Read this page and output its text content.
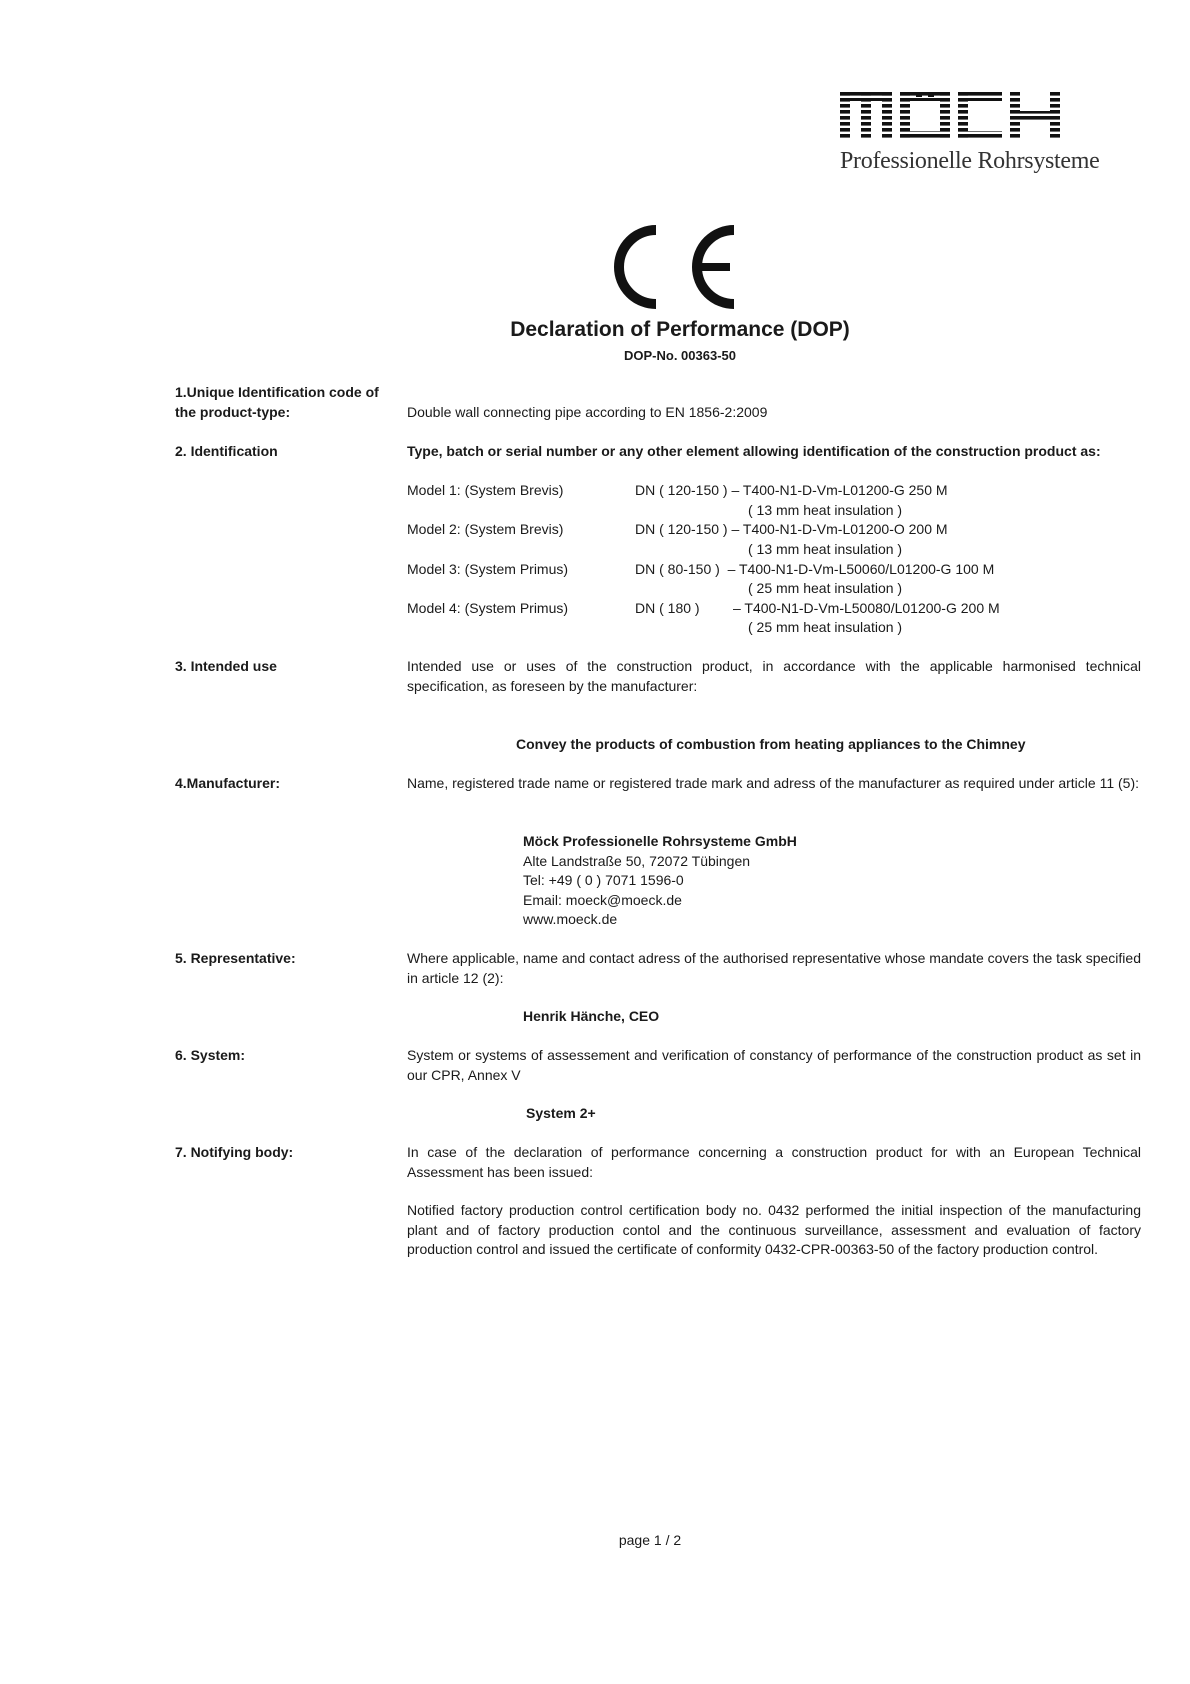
Professionelle Rohrsysteme
Declaration of Performance (DOP)
DOP-No. 00363-50
1.Unique Identification code of
the product-type:	Double wall connecting pipe according to EN 1856-2:2009
2. Identification	Type, batch or serial number or any other element allowing identification of the construction product as:
Model 1: (System Brevis)	DN ( 120-150 ) – T400-N1-D-Vm-L01200-G 250 M
( 13 mm heat insulation )
Model 2: (System Brevis)	DN ( 120-150 ) – T400-N1-D-Vm-L01200-O 200 M
( 13 mm heat insulation )
Model 3: (System Primus)	DN ( 80-150 )  – T400-N1-D-Vm-L50060/L01200-G 100 M
( 25 mm heat insulation )
Model 4: (System Primus)	DN ( 180 ) – T400-N1-D-Vm-L50080/L01200-G 200 M
( 25 mm heat insulation )
3. Intended use	Intended use or uses of the construction product, in accordance with the applicable harmonised technical specification, as foreseen by the manufacturer:
Convey the products of combustion from heating appliances to the Chimney
4.Manufacturer:	Name, registered trade name or registered trade mark and adress of the manufacturer as required under article 11 (5):
Möck Professionelle Rohrsysteme GmbH
Alte Landstraße 50, 72072 Tübingen
Tel: +49 ( 0 ) 7071 1596-0
Email: moeck@moeck.de
www.moeck.de
5. Representative:	Where applicable, name and contact adress of the authorised representative whose mandate covers the task specified in article 12 (2):
Henrik Hänche, CEO
6. System:	System or systems of assessement and verification of constancy of performance of the construction product as set in our CPR, Annex V
System 2+
7. Notifying body:	In case of the declaration of performance concerning a construction product for with an European Technical Assessment has been issued:
Notified factory production control certification body no. 0432 performed the initial inspection of the manufacturing plant and of factory production contol and the continuous surveillance, assessment and evaluation of factory production control and issued the certificate of conformity 0432-CPR-00363-50 of the factory production control.
page 1 / 2
